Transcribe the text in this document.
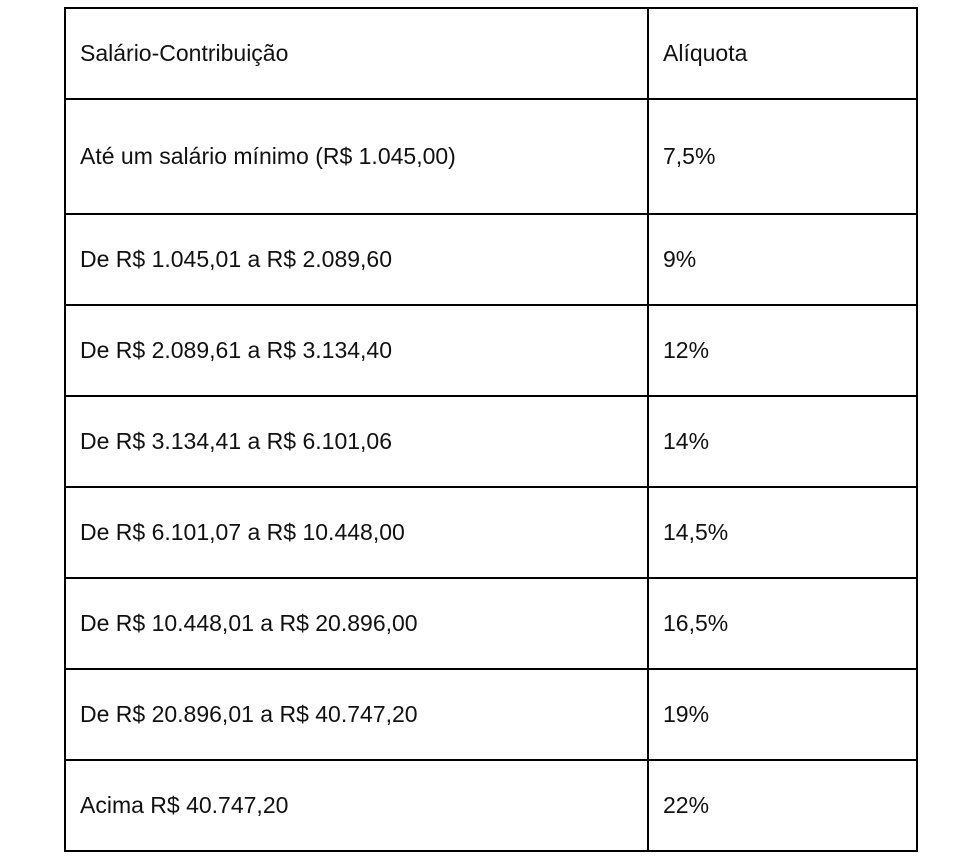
Salário-Contribuição	Alíquota
Até um salário mínimo (R$ 1.045,00)	7,5%
De R$ 1.045,01 a R$ 2.089,60	9%
De R$ 2.089,61 a R$ 3.134,40	12%
De R$ 3.134,41 a R$ 6.101,06	14%
De R$ 6.101,07 a R$ 10.448,00	14,5%
De R$ 10.448,01 a R$ 20.896,00	16,5%
De R$ 20.896,01 a R$ 40.747,20	19%
Acima R$ 40.747,20	22%
